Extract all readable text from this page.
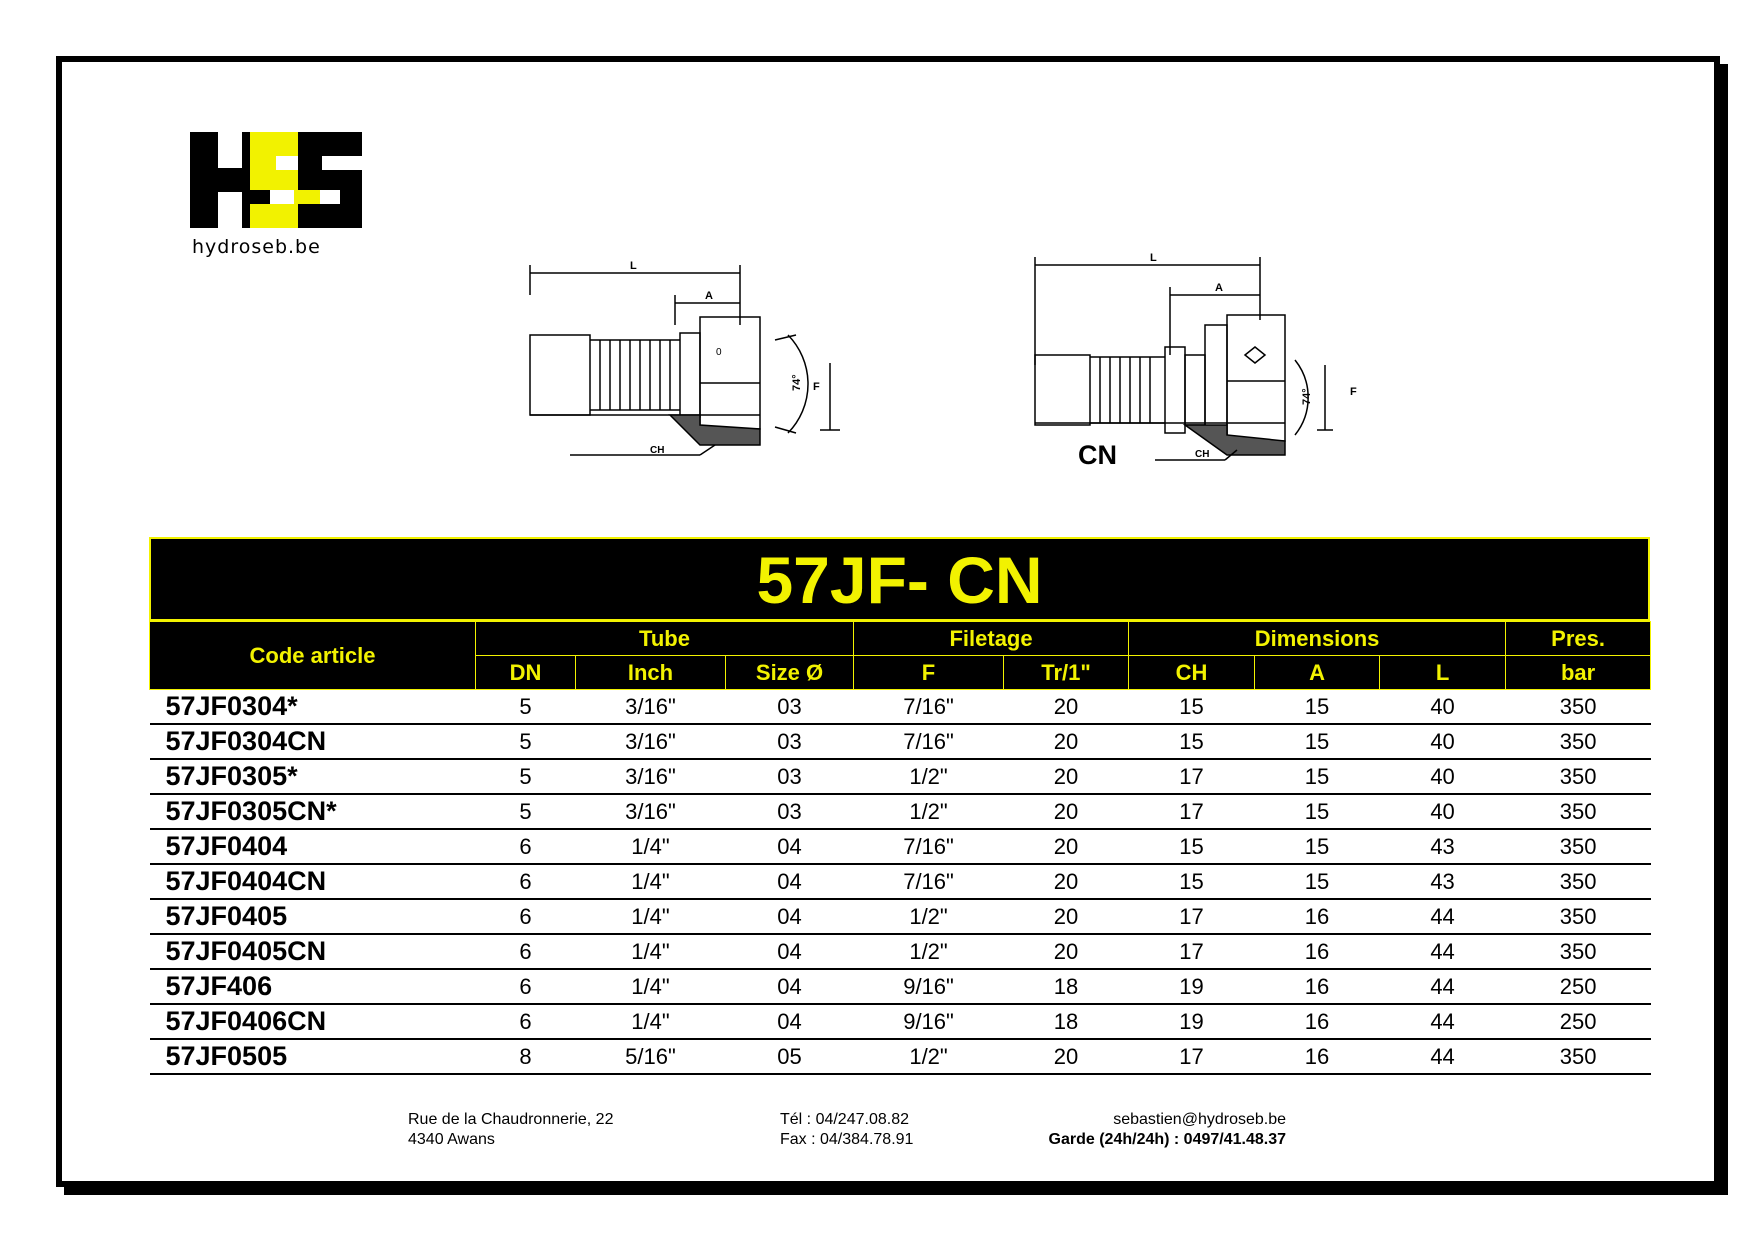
hydroseb.be
L
A
0
74° F
CH
L
A
74°	F
CH
CN
57JF- CN
Code article	Tube			Filetage		Dimensions			Pres.
	DN	Inch	Size Ø	F	Tr/1"	CH	A	L	bar
57JF0304*	5	3/16"	03	7/16"	20	15	15	40	350
57JF0304CN	5	3/16"	03	7/16"	20	15	15	40	350
57JF0305*	5	3/16"	03	1/2"	20	17	15	40	350
57JF0305CN*	5	3/16"	03	1/2"	20	17	15	40	350
57JF0404	6	1/4"	04	7/16"	20	15	15	43	350
57JF0404CN	6	1/4"	04	7/16"	20	15	15	43	350
57JF0405	6	1/4"	04	1/2"	20	17	16	44	350
57JF0405CN	6	1/4"	04	1/2"	20	17	16	44	350
57JF406	6	1/4"	04	9/16"	18	19	16	44	250
57JF0406CN	6	1/4"	04	9/16"	18	19	16	44	250
57JF0505	8	5/16"	05	1/2"	20	17	16	44	350
Rue de la Chaudronnerie, 22
4340 Awans
Tél : 04/247.08.82
Fax : 04/384.78.91
sebastien@hydroseb.be
Garde (24h/24h) : 0497/41.48.37
